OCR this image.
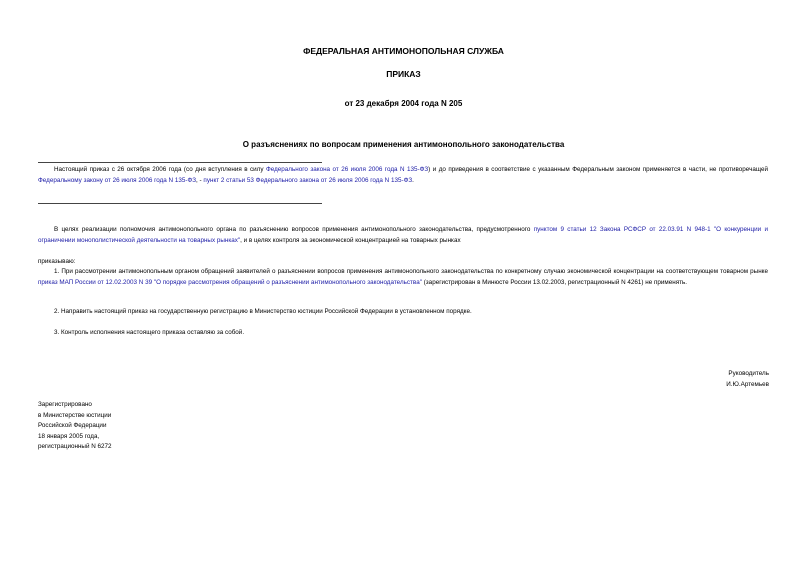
ФЕДЕРАЛЬНАЯ АНТИМОНОПОЛЬНАЯ СЛУЖБА
ПРИКАЗ
от 23 декабря 2004 года N 205
О разъяснениях по вопросам применения антимонопольного законодательства
Настоящий приказ с 26 октября 2006 года (со дня вступления в силу Федерального закона от 26 июля 2006 года N 135-ФЗ) и до приведения в соответствие с указанным Федеральным законом применяется в части, не противоречащей Федеральному закону от 26 июля 2006 года N 135-ФЗ, - пункт 2 статьи 53 Федерального закона от 26 июля 2006 года N 135-ФЗ.
В целях реализации полномочия антимонопольного органа по разъяснению вопросов применения антимонопольного законодательства, предусмотренного пунктом 9 статьи 12 Закона РСФСР от 22.03.91 N 948-1 "О конкуренции и ограничении монополистической деятельности на товарных рынках", и в целях контроля за экономической концентрацией на товарных рынках
приказываю:
1. При рассмотрении антимонопольным органом обращений заявителей о разъяснении вопросов применения антимонопольного законодательства по конкретному случаю экономической концентрации на соответствующем товарном рынке приказ МАП России от 12.02.2003 N 39 "О порядке рассмотрения обращений о разъяснении антимонопольного законодательства" (зарегистрирован в Минюсте России 13.02.2003, регистрационный N 4261) не применять.
2. Направить настоящий приказ на государственную регистрацию в Министерство юстиции Российской Федерации в установленном порядке.
3. Контроль исполнения настоящего приказа оставляю за собой.
Руководитель
И.Ю.Артемьев
Зарегистрировано
в Министерстве юстиции
Российской Федерации
18 января 2005 года,
регистрационный N 6272
